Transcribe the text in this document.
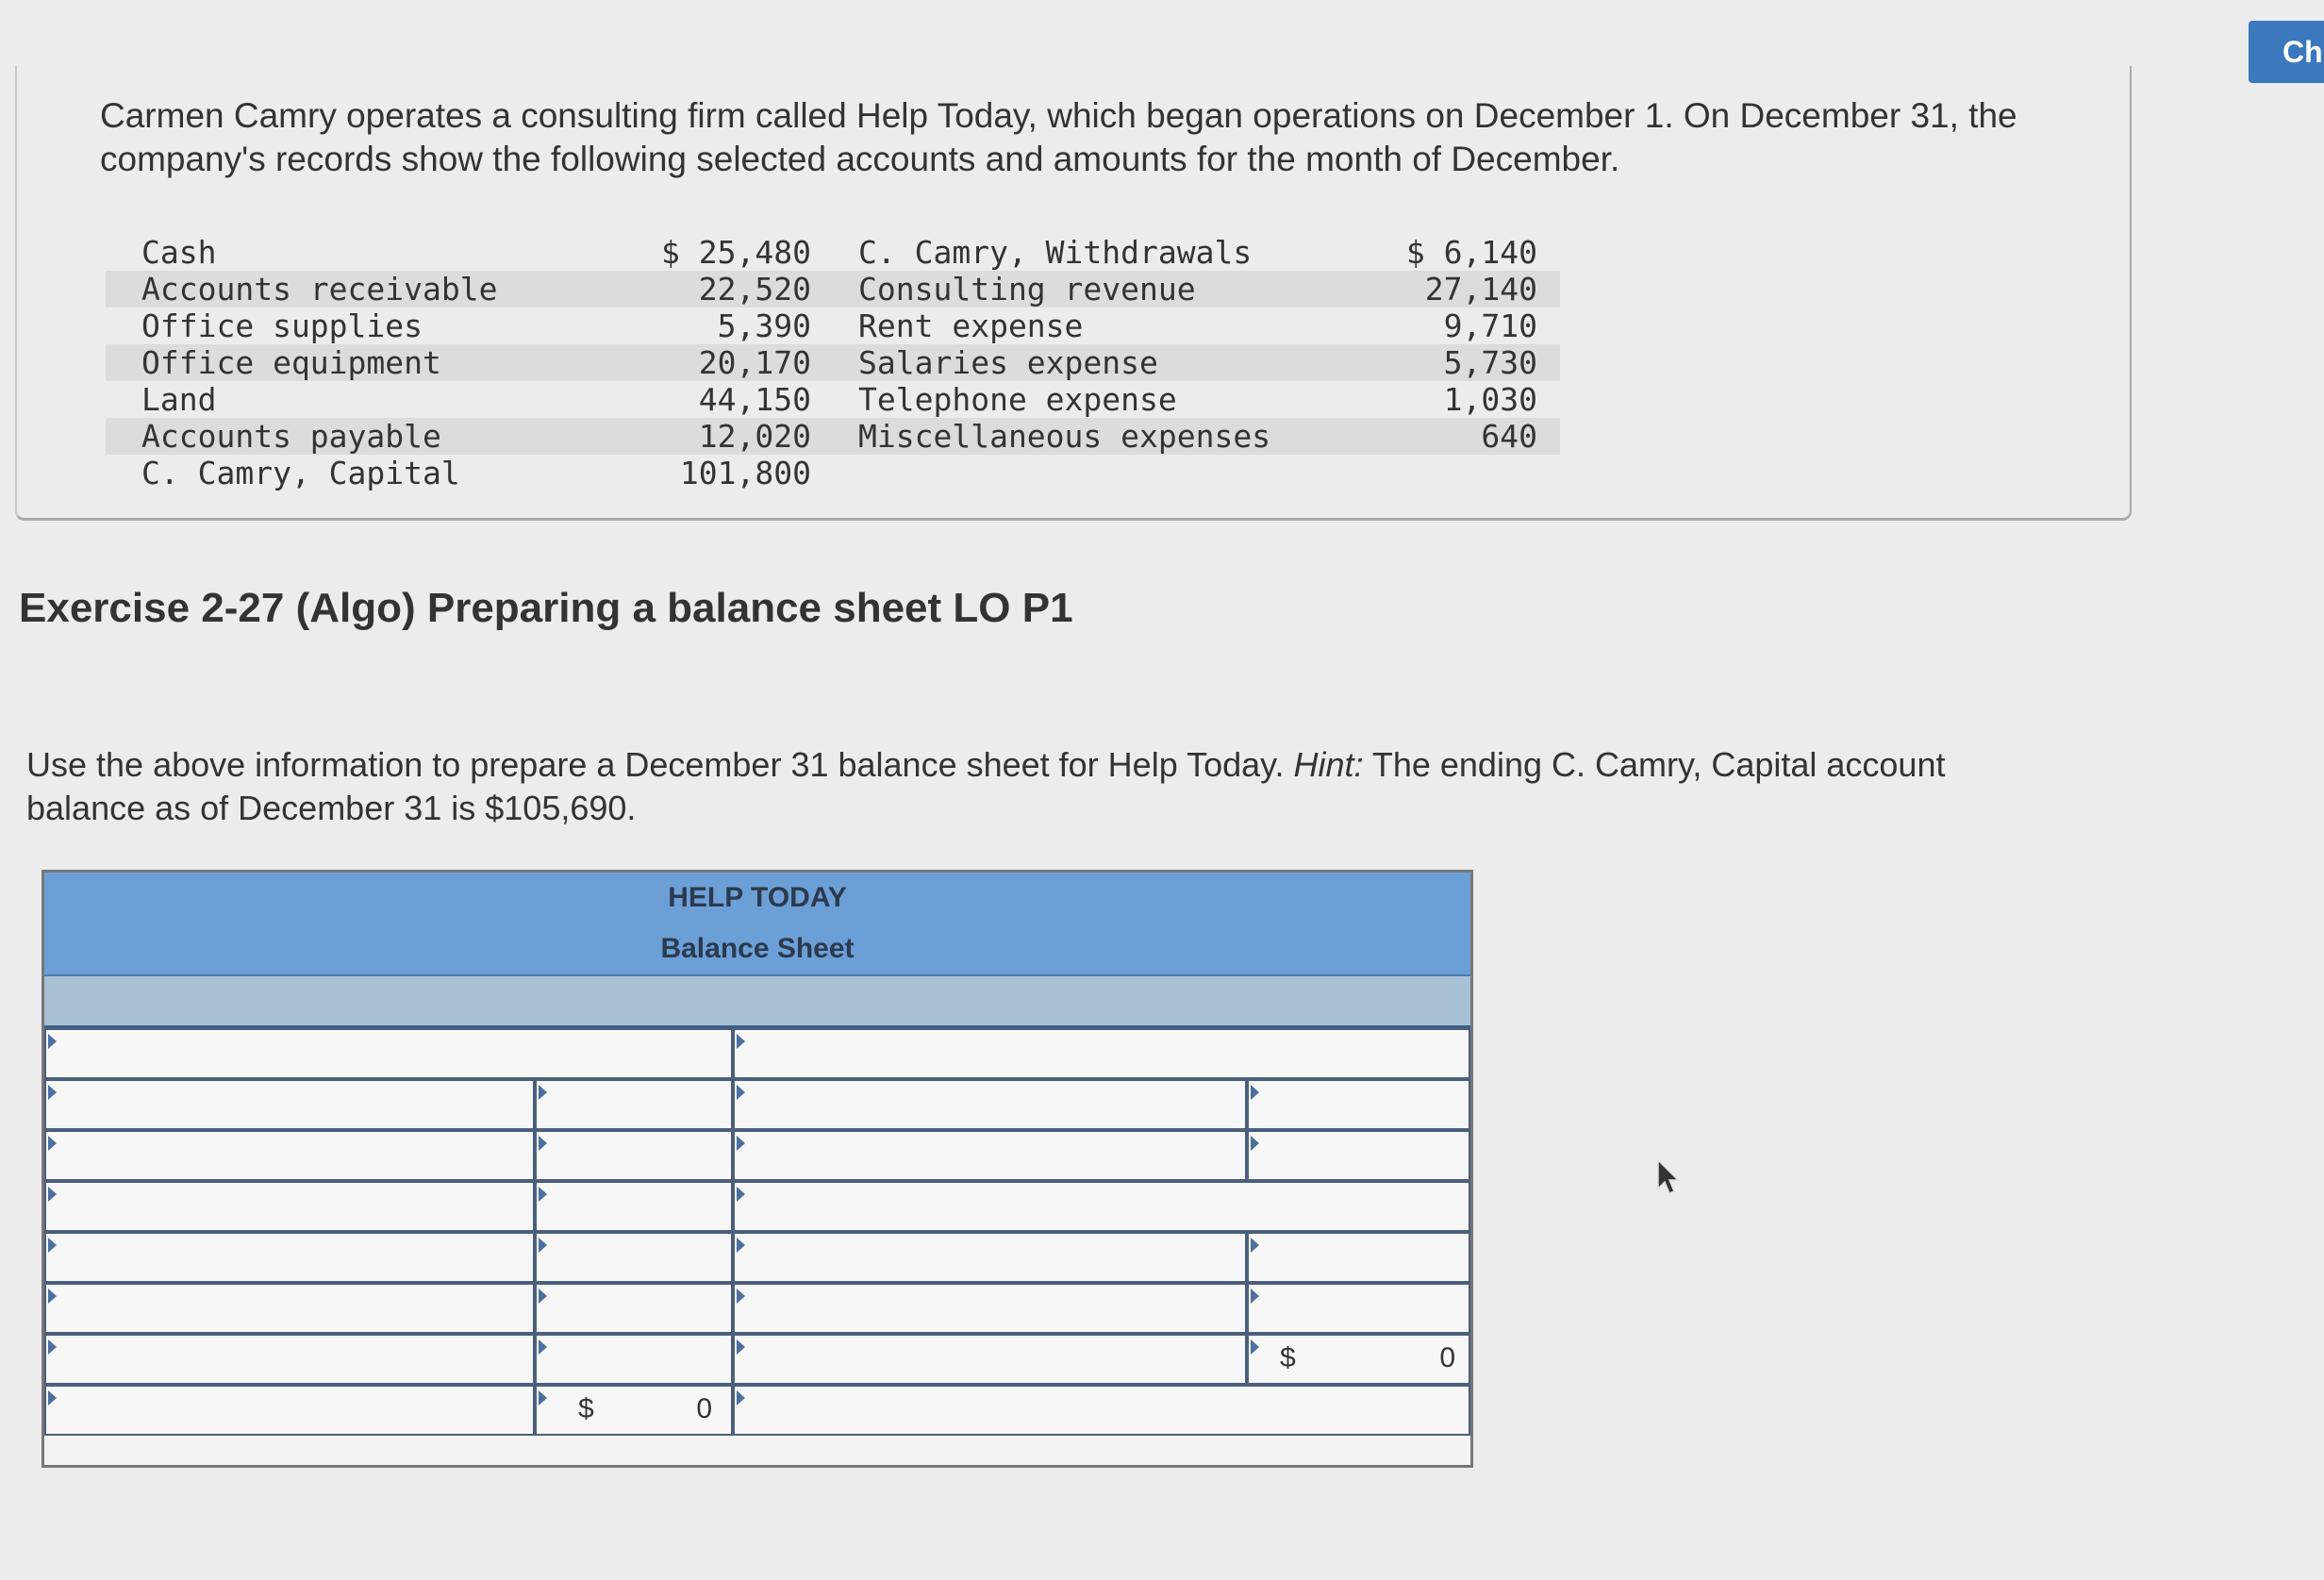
Ch
Carmen Camry operates a consulting firm called Help Today, which began operations on December 1. On December 31, the company's records show the following selected accounts and amounts for the month of December.
Cash	$ 25,480	C. Camry, Withdrawals	$ 6,140
Accounts receivable	22,520	Consulting revenue	27,140
Office supplies	5,390	Rent expense	9,710
Office equipment	20,170	Salaries expense	5,730
Land	44,150	Telephone expense	1,030
Accounts payable	12,020	Miscellaneous expenses	640
C. Camry, Capital	101,800		
Exercise 2-27 (Algo) Preparing a balance sheet LO P1
Use the above information to prepare a December 31 balance sheet for Help Today. Hint: The ending C. Camry, Capital account balance as of December 31 is $105,690.
HELP TODAY
Balance Sheet
$	0
$	0
